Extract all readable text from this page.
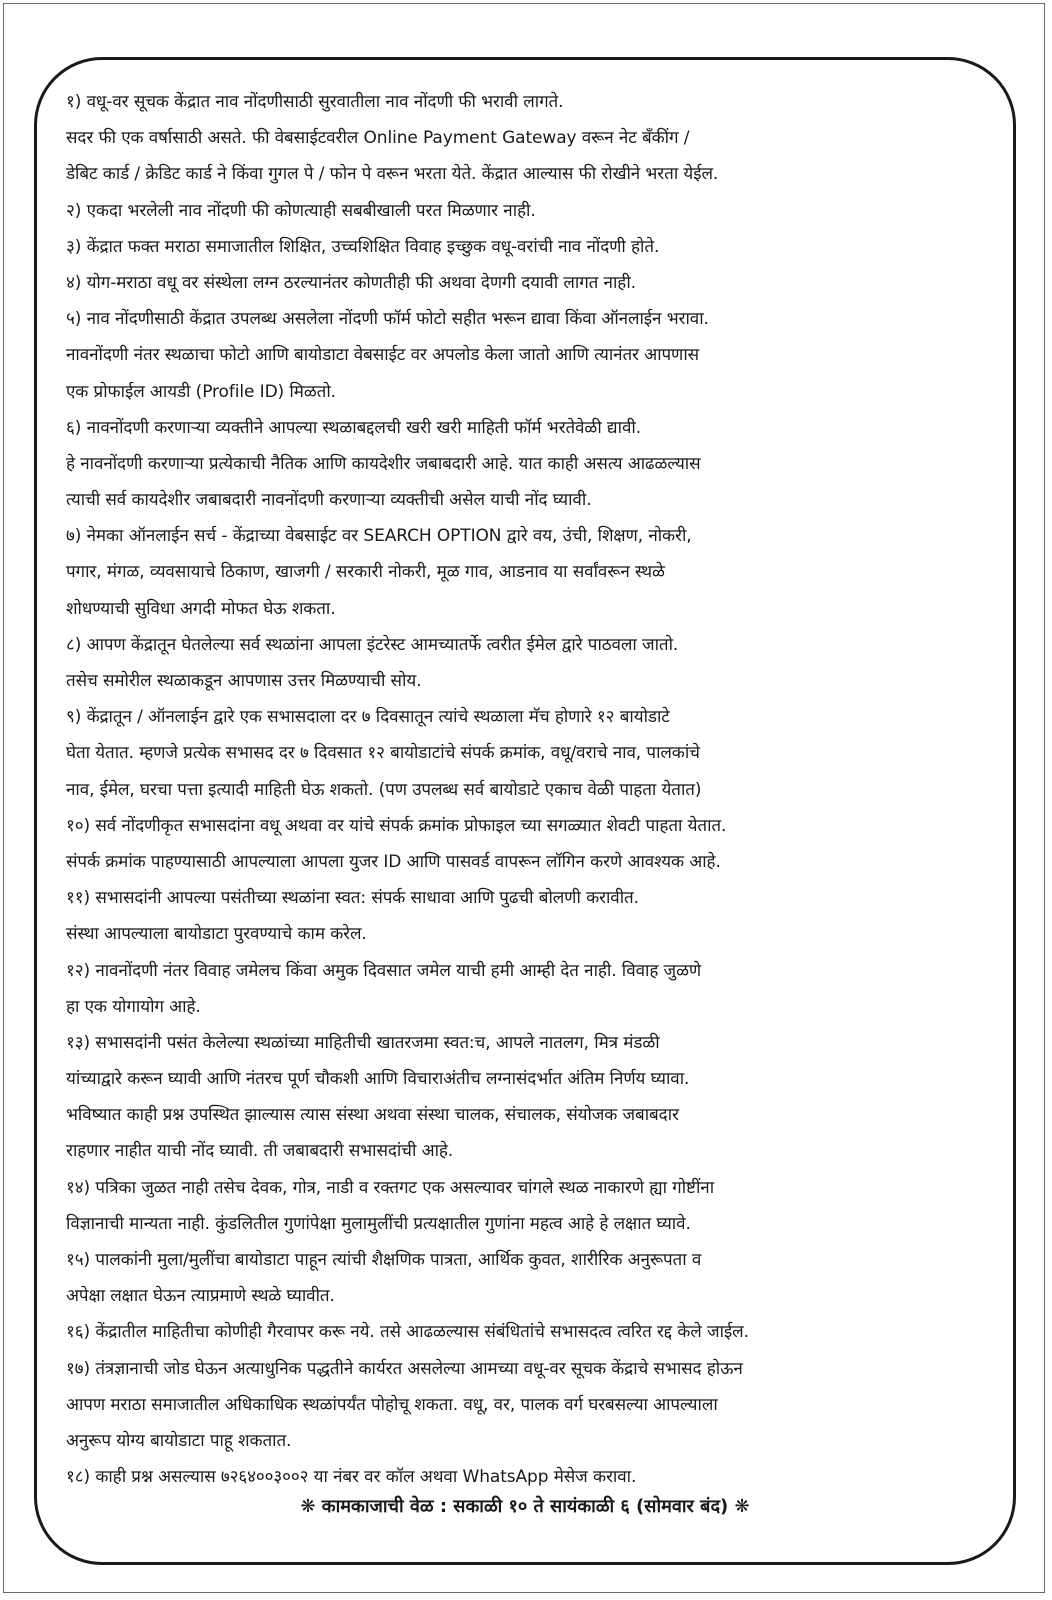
१) वधू-वर सूचक केंद्रात नाव नोंदणीसाठी सुरवातीला नाव नोंदणी फी भरावी लागते.
सदर फी एक वर्षासाठी असते. फी वेबसाईटवरील Online Payment Gateway वरून नेट बँकींग /
डेबिट कार्ड / क्रेडिट कार्ड ने किंवा गुगल पे / फोन पे वरून भरता येते. केंद्रात आल्यास फी रोखीने भरता येईल.
२) एकदा भरलेली नाव नोंदणी फी कोणत्याही सबबीखाली परत मिळणार नाही.
३) केंद्रात फक्त मराठा समाजातील शिक्षित, उच्चशिक्षित विवाह इच्छुक वधू-वरांची नाव नोंदणी होते.
४) योग-मराठा वधू वर संस्थेला लग्न ठरल्यानंतर कोणतीही फी अथवा देणगी दयावी लागत नाही.
५) नाव नोंदणीसाठी केंद्रात उपलब्ध असलेला नोंदणी फॉर्म फोटो सहीत भरून द्यावा किंवा ऑनलाईन भरावा.
नावनोंदणी नंतर स्थळाचा फोटो आणि बायोडाटा वेबसाईट वर अपलोड केला जातो आणि त्यानंतर आपणास
एक प्रोफाईल आयडी (Profile ID) मिळतो.
६) नावनोंदणी करणाऱ्या व्यक्तीने आपल्या स्थळाबद्दलची खरी खरी माहिती फॉर्म भरतेवेळी द्यावी.
हे नावनोंदणी करणाऱ्या प्रत्येकाची नैतिक आणि कायदेशीर जबाबदारी आहे. यात काही असत्य आढळल्यास
त्याची सर्व कायदेशीर जबाबदारी नावनोंदणी करणाऱ्या व्यक्तीची असेल याची नोंद घ्यावी.
७) नेमका ऑनलाईन सर्च - केंद्राच्या वेबसाईट वर SEARCH OPTION द्वारे वय, उंची, शिक्षण, नोकरी,
पगार, मंगळ, व्यवसायाचे ठिकाण, खाजगी / सरकारी नोकरी, मूळ गाव, आडनाव या सर्वांवरून स्थळे
शोधण्याची सुविधा अगदी मोफत घेऊ शकता.
८) आपण केंद्रातून घेतलेल्या सर्व स्थळांना आपला इंटरेस्ट आमच्यातर्फे त्वरीत ईमेल द्वारे पाठवला जातो.
तसेच समोरील स्थळाकडून आपणास उत्तर मिळण्याची सोय.
९) केंद्रातून / ऑनलाईन द्वारे एक सभासदाला दर ७ दिवसातून त्यांचे स्थळाला मॅच होणारे १२ बायोडाटे
घेता येतात. म्हणजे प्रत्येक सभासद दर ७ दिवसात १२ बायोडाटांचे संपर्क क्रमांक, वधू/वराचे नाव, पालकांचे
नाव, ईमेल, घरचा पत्ता इत्यादी माहिती घेऊ शकतो. (पण उपलब्ध सर्व बायोडाटे एकाच वेळी पाहता येतात)
१०) सर्व नोंदणीकृत सभासदांना वधू अथवा वर यांचे संपर्क क्रमांक प्रोफाइल च्या सगळ्यात शेवटी पाहता येतात.
संपर्क क्रमांक पाहण्यासाठी आपल्याला आपला युजर ID आणि पासवर्ड वापरून लॉगिन करणे आवश्यक आहे.
११) सभासदांनी आपल्या पसंतीच्या स्थळांना स्वत: संपर्क साधावा आणि पुढची बोलणी करावीत.
संस्था आपल्याला बायोडाटा पुरवण्याचे काम करेल.
१२) नावनोंदणी नंतर विवाह जमेलच किंवा अमुक दिवसात जमेल याची हमी आम्ही देत नाही. विवाह जुळणे
हा एक योगायोग आहे.
१३) सभासदांनी पसंत केलेल्या स्थळांच्या माहितीची खातरजमा स्वत:च, आपले नातलग, मित्र मंडळी
यांच्याद्वारे करून घ्यावी आणि नंतरच पूर्ण चौकशी आणि विचाराअंतीच लग्नासंदर्भात अंतिम निर्णय घ्यावा.
भविष्यात काही प्रश्न उपस्थित झाल्यास त्यास संस्था अथवा संस्था चालक, संचालक, संयोजक जबाबदार
राहणार नाहीत याची नोंद घ्यावी. ती जबाबदारी सभासदांची आहे.
१४) पत्रिका जुळत नाही तसेच देवक, गोत्र, नाडी व रक्तगट एक असल्यावर चांगले स्थळ नाकारणे ह्या गोष्टींना
विज्ञानाची मान्यता नाही. कुंडलितील गुणांपेक्षा मुलामुलींची प्रत्यक्षातील गुणांना महत्व आहे हे लक्षात घ्यावे.
१५) पालकांनी मुला/मुलींचा बायोडाटा पाहून त्यांची शैक्षणिक पात्रता, आर्थिक कुवत, शारीरिक अनुरूपता व
अपेक्षा लक्षात घेऊन त्याप्रमाणे स्थळे घ्यावीत.
१६) केंद्रातील माहितीचा कोणीही गैरवापर करू नये. तसे आढळल्यास संबंधितांचे सभासदत्व त्वरित रद्द केले जाईल.
१७) तंत्रज्ञानाची जोड घेऊन अत्याधुनिक पद्धतीने कार्यरत असलेल्या आमच्या वधू-वर सूचक केंद्राचे सभासद होऊन
आपण मराठा समाजातील अधिकाधिक स्थळांपर्यंत पोहोचू शकता. वधू, वर, पालक वर्ग घरबसल्या आपल्याला
अनुरूप योग्य बायोडाटा पाहू शकतात.
१८) काही प्रश्न असल्यास ७२६४००३००२ या नंबर वर कॉल अथवा WhatsApp मेसेज करावा.
❋ कामकाजाची वेळ : सकाळी १० ते सायंकाळी ६ (सोमवार बंद) ❋
